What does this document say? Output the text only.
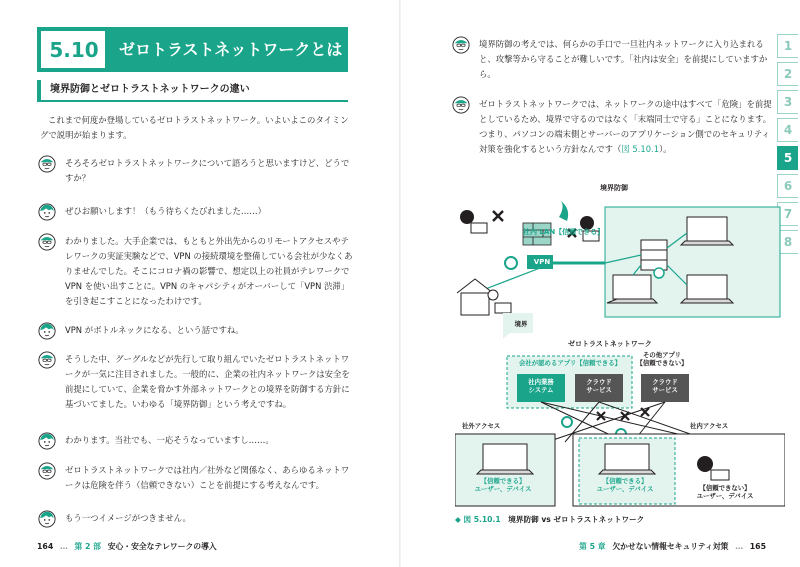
5.10	ゼロトラストネットワークとは
境界防御とゼロトラストネットワークの違い
これまで何度か登場しているゼロトラストネットワーク。いよいよこのタイミングで説明が始まります。
そろそろゼロトラストネットワークについて語ろうと思いますけど、どうですか？
ぜひお願いします！（もう待ちくたびれました……）
わかりました。大手企業では、もともと外出先からのリモートアクセスやテレワークの実証実験などで、VPN の接続環境を整備している会社が少なくありませんでした。そこにコロナ禍の影響で、想定以上の社員がテレワークで VPN を使い出すことに。VPN のキャパシティがオーバーして「VPN 渋滞」を引き起こすことになったわけです。
VPN がボトルネックになる、という話ですね。
そうした中、グーグルなどが先行して取り組んでいたゼロトラストネットワークが一気に注目されました。一般的に、企業の社内ネットワークは安全を前提にしていて、企業を脅かす外部ネットワークとの境界を防御する方針に基づいてました。いわゆる「境界防御」という考えですね。
わかります。当社でも、一応そうなっていますし……。
ゼロトラストネットワークでは社内／社外など関係なく、あらゆるネットワークは危険を伴う（信頼できない）ことを前提にする考えなんです。
もう一つイメージがつきません。
164 … 第 2 部 安心・安全なテレワークの導入
境界防御の考えでは、何らかの手口で一旦社内ネットワークに入り込まれると、攻撃等から守ることが難しいです。「社内は安全」を前提にしていますから。
ゼロトラストネットワークでは、ネットワークの途中はすべて「危険」を前提としているため、境界で守るのではなく「末端同士で守る」ことになります。つまり、パソコンの端末側とサーバーのアプリケーション側でのセキュリティ対策を強化するという方針なんです（図 5.10.1）。
1
2
3
4
5
6
7
8
境界防御
社内 LAN【信頼できる】
VPN
境界
ゼロトラストネットワーク
会社が認めるアプリ【信頼できる】
その他アプリ
【信頼できない】
社内業務
システム
クラウド
サービス
クラウド
サービス
社外アクセス	社内アクセス
【信頼できる】
ユーザー、デバイス
【信頼できる】
ユーザー、デバイス	【信頼できない】
ユーザー、デバイス
◆ 図 5.10.1 境界防御 vs ゼロトラストネットワーク
第 5 章 欠かせない情報セキュリティ対策 … 165
